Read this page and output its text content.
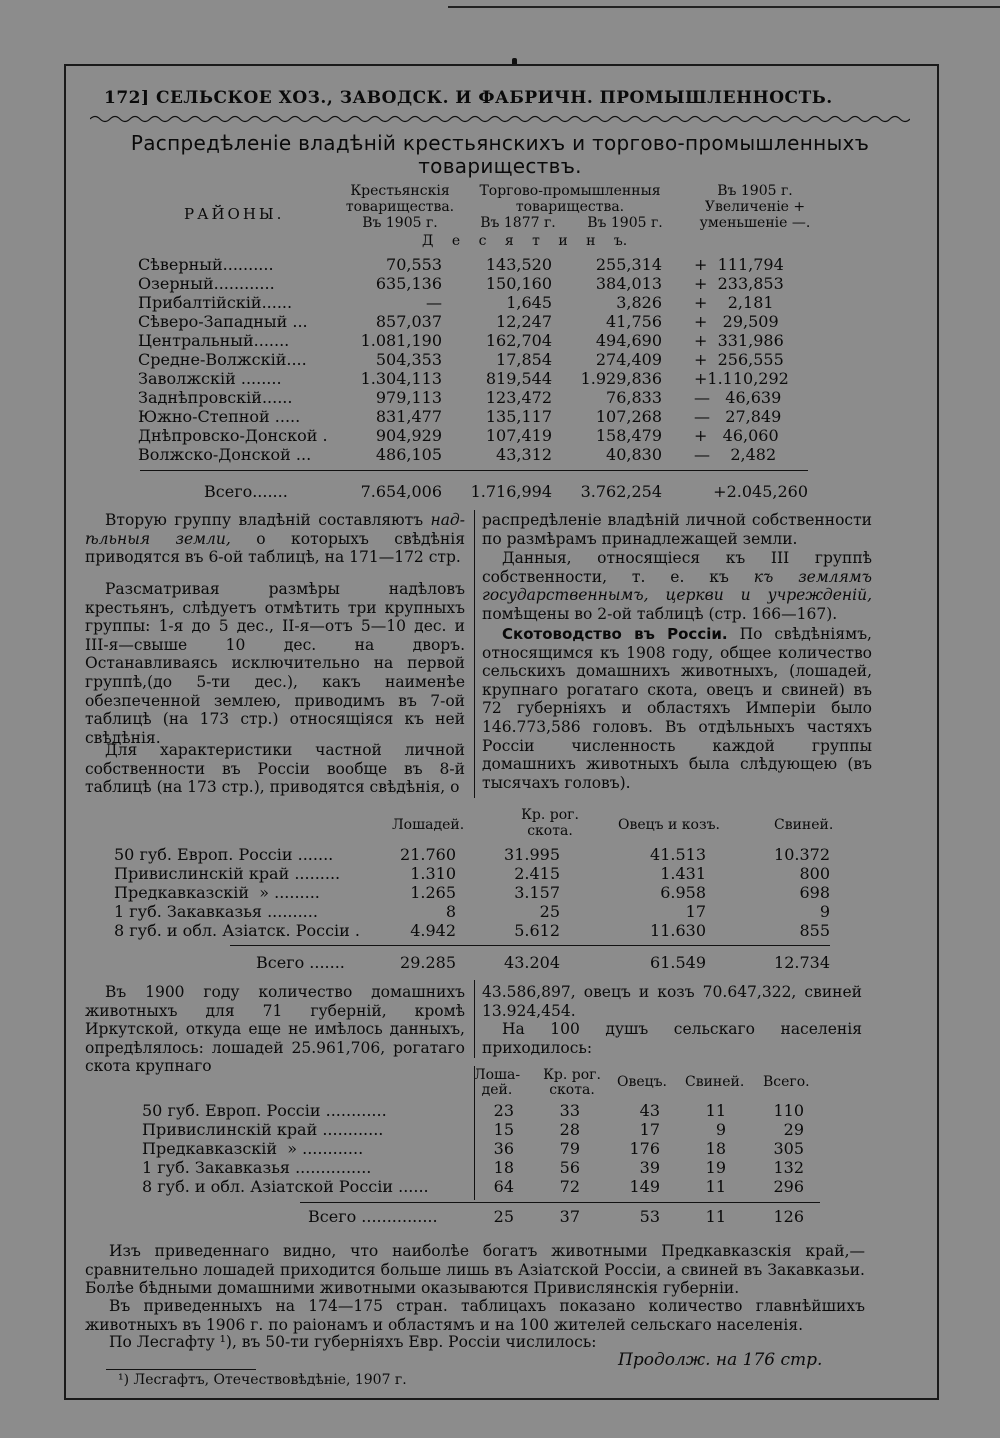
172] СЕЛЬСКОЕ ХОЗ., ЗАВОДСК. И ФАБРИЧН. ПРОМЫШЛЕННОСТЬ.
Распредѣленіе владѣній крестьянскихъ и торгово-промышленныхъ
товариществъ.
РАЙОНЫ.
Крестьянскія
товарищества.
Въ 1905 г.
Торгово-промышленныя
товарищества.
Въ 1877 г.	Въ 1905 г.
Въ 1905 г.
Увеличеніе +
уменьшеніе —.
Д е с я т и н ъ.
Сѣверный..........	70,553	143,520	255,314 +  111,794
Озерный............	635,136	150,160	384,013 +  233,853
Прибалтійскій......	—	1,645	3,826 +    2,181
Сѣверо-Западный ...	857,037	12,247	41,756 +   29,509
Центральный.......	1.081,190	162,704	494,690 +  331,986
Средне-Волжскій....	504,353	17,854	274,409 +  256,555
Заволжскій ........	1.304,113	819,544	1.929,836 +1.110,292
Заднѣпровскій......	979,113	123,472	76,833 —   46,639
Южно-Степной .....	831,477	135,117	107,268 —   27,849
Днѣпровско-Донской .	904,929	107,419	158,479 +   46,060
Волжско-Донской ...	486,105	43,312	40,830 —    2,482
Всего.......	7.654,006	1.716,994	3.762,254	+2.045,260
Вторую группу владѣній составляютъ над-ѣльныя земли, о которыхъ свѣдѣнія приводятся въ 6-ой таблицѣ, на 171—172 стр.
Разсматривая размѣры надѣловъ крестьянъ, слѣдуетъ отмѣтить три крупныхъ группы: 1-я до 5 дес., II-я—отъ 5—10 дес. и III-я—свыше 10 дес. на дворъ. Останавливаясь исключительно на первой группѣ,(до 5-ти дес.), какъ наименѣе обезпеченной землею, приводимъ въ 7-ой таблицѣ (на 173 стр.) относящіяся къ ней свѣдѣнія.
Для характеристики частной личной собственности въ Россіи вообще въ 8-й таблицѣ (на 173 стр.), приводятся свѣдѣнія, о
распредѣленіе владѣній личной собственности по размѣрамъ принадлежащей земли.
Данныя, относящіеся къ III группѣ собственности, т. е. къ къ землямъ государственнымъ, церкви и учрежденій, помѣщены во 2-ой таблицѣ (стр. 166—167).
Скотоводство въ Россіи. По свѣдѣніямъ, относящимся къ 1908 году, общее количество сельскихъ домашнихъ животныхъ, (лошадей, крупнаго рогатаго скота, овецъ и свиней) въ 72 губерніяхъ и областяхъ Имперіи было 146.773,586 головъ. Въ отдѣльныхъ частяхъ Россіи численность каждой группы домашнихъ животныхъ была слѣдующею (въ тысячахъ головъ).
Лошадей.
Кр. рог.
скота.	Овецъ и козъ.	Свиней.
50 губ. Европ. Россіи .......	21.760	31.995	41.513	10.372
Привислинскій край .........	1.310	2.415	1.431	800
Предкавказскій  » .........	1.265	3.157	6.958	698
1 губ. Закавказья ..........	8	25	17	9
8 губ. и обл. Азіатск. Россіи .	4.942	5.612	11.630	855
Всего .......	29.285	43.204	61.549	12.734
Въ 1900 году количество домашнихъ животныхъ для 71 губерній, кромѣ Иркутской, откуда еще не имѣлось данныхъ, опредѣлялось: лошадей 25.961,706, рогатаго скота крупнаго
43.586,897, овецъ и козъ 70.647,322, свиней 13.924,454.
На 100 душъ сельскаго населенія приходилось:
Лоша-
дей.
Кр. рог.
скота.	Овецъ. Свиней. Всего.
50 губ. Европ. Россіи ............	23	33	43	11	110
Привислинскій край ............	15	28	17	9	29
Предкавказскій  » ............	36	79	176	18	305
1 губ. Закавказья ...............	18	56	39	19	132
8 губ. и обл. Азіатской Россіи ......	64	72	149	11	296
Всего ...............	25	37	53	11	126
Изъ приведеннаго видно, что наиболѣе богатъ животными Предкавказскія край,— сравнительно лошадей приходится больше лишь въ Азіатской Россіи, а свиней въ Закавказьи. Болѣе бѣдными домашними животными оказываются Привислянскія губерніи.
Въ приведенныхъ на 174—175 стран. таблицахъ показано количество главнѣйшихъ животныхъ въ 1906 г. по раіонамъ и областямъ и на 100 жителей сельскаго населенія.
По Лесгафту ¹), въ 50-ти губерніяхъ Евр. Россіи числилось:
Продолж. на 176 стр.
¹) Лесгафтъ, Отечествовѣдѣніе, 1907 г.
